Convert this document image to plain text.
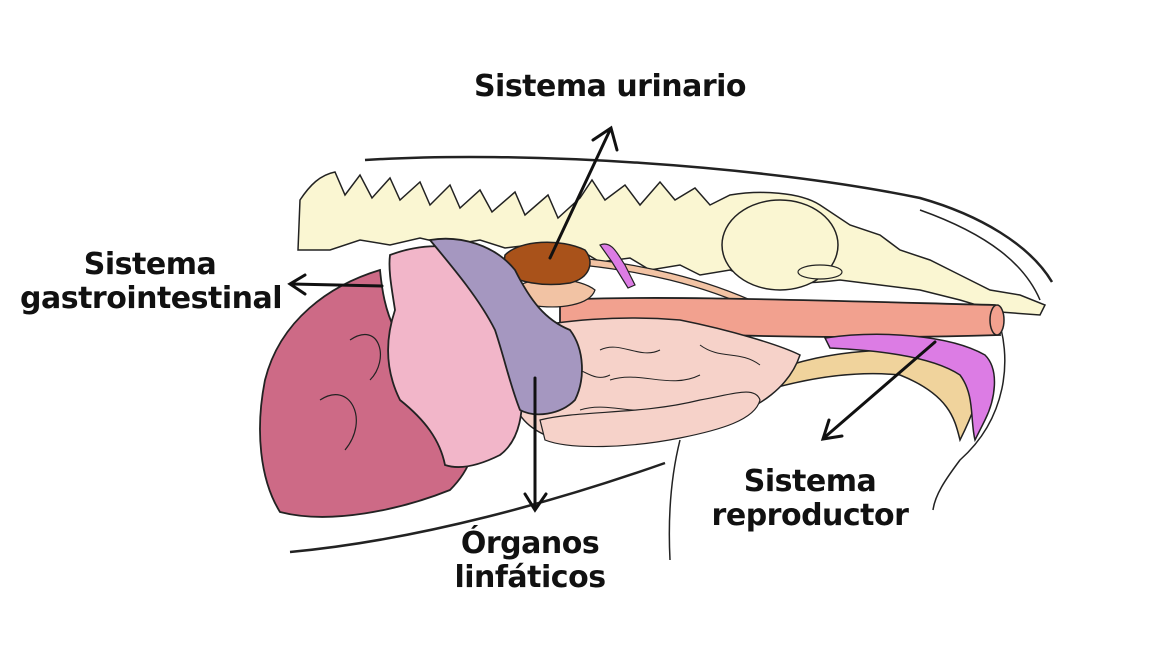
Sistema urinario
Sistema
gastrointestinal
Órganos
linfáticos
Sistema
reproductor
